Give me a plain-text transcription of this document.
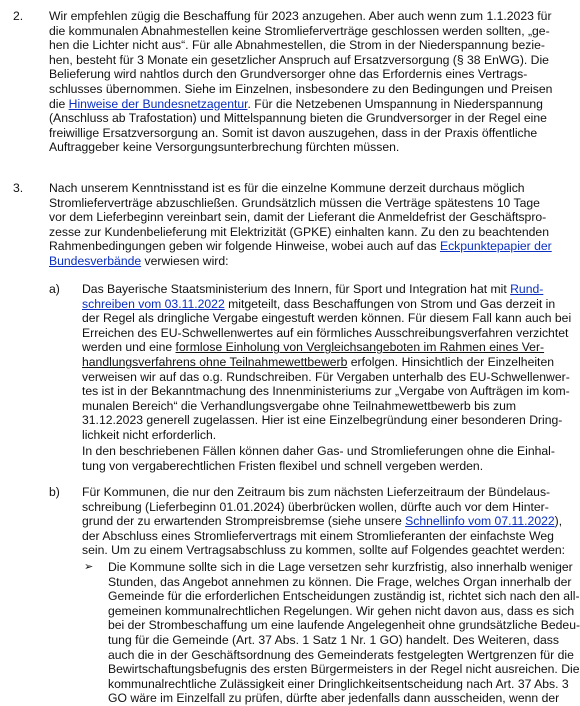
2. Wir empfehlen zügig die Beschaffung für 2023 anzugehen. Aber auch wenn zum 1.1.2023 für
die kommunalen Abnahmestellen keine Stromlieferverträge geschlossen werden sollten, „ge-
hen die Lichter nicht aus“. Für alle Abnahmestellen, die Strom in der Niederspannung bezie-
hen, besteht für 3 Monate ein gesetzlicher Anspruch auf Ersatzversorgung (§ 38 EnWG). Die
Belieferung wird nahtlos durch den Grundversorger ohne das Erfordernis eines Vertrags-
schlusses übernommen. Siehe im Einzelnen, insbesondere zu den Bedingungen und Preisen
die Hinweise der Bundesnetzagentur. Für die Netzebenen Umspannung in Niederspannung
(Anschluss ab Trafostation) und Mittelspannung bieten die Grundversorger in der Regel eine
freiwillige Ersatzversorgung an. Somit ist davon auszugehen, dass in der Praxis öffentliche
Auftraggeber keine Versorgungsunterbrechung fürchten müssen.
3. Nach unserem Kenntnisstand ist es für die einzelne Kommune derzeit durchaus möglich
Stromlieferverträge abzuschließen. Grundsätzlich müssen die Verträge spätestens 10 Tage
vor dem Lieferbeginn vereinbart sein, damit der Lieferant die Anmeldefrist der Geschäftspro-
zesse zur Kundenbelieferung mit Elektrizität (GPKE) einhalten kann. Zu den zu beachtenden
Rahmenbedingungen geben wir folgende Hinweise, wobei auch auf das Eckpunktepapier der
Bundesverbände verwiesen wird:
a) Das Bayerische Staatsministerium des Innern, für Sport und Integration hat mit Rund-
schreiben vom 03.11.2022 mitgeteilt, dass Beschaffungen von Strom und Gas derzeit in
der Regel als dringliche Vergabe eingestuft werden können. Für diesem Fall kann auch bei
Erreichen des EU-Schwellenwertes auf ein förmliches Ausschreibungsverfahren verzichtet
werden und eine formlose Einholung von Vergleichsangeboten im Rahmen eines Ver-
handlungsverfahrens ohne Teilnahmewettbewerb erfolgen. Hinsichtlich der Einzelheiten
verweisen wir auf das o.g. Rundschreiben. Für Vergaben unterhalb des EU-Schwellenwer-
tes ist in der Bekanntmachung des Innenministeriums zur „Vergabe von Aufträgen im kom-
munalen Bereich“ die Verhandlungsvergabe ohne Teilnahmewettbewerb bis zum
31.12.2023 generell zugelassen. Hier ist eine Einzelbegründung einer besonderen Dring-
lichkeit nicht erforderlich.
In den beschriebenen Fällen können daher Gas- und Stromlieferungen ohne die Einhal-
tung von vergaberechtlichen Fristen flexibel und schnell vergeben werden.
b) Für Kommunen, die nur den Zeitraum bis zum nächsten Lieferzeitraum der Bündelaus-
schreibung (Lieferbeginn 01.01.2024) überbrücken wollen, dürfte auch vor dem Hinter-
grund der zu erwartenden Strompreisbremse (siehe unsere Schnellinfo vom 07.11.2022),
der Abschluss eines Stromliefervertrags mit einem Stromlieferanten der einfachste Weg
sein. Um zu einem Vertragsabschluss zu kommen, sollte auf Folgendes geachtet werden:
➢ Die Kommune sollte sich in die Lage versetzen sehr kurzfristig, also innerhalb weniger
Stunden, das Angebot annehmen zu können. Die Frage, welches Organ innerhalb der
Gemeinde für die erforderlichen Entscheidungen zuständig ist, richtet sich nach den all-
gemeinen kommunalrechtlichen Regelungen. Wir gehen nicht davon aus, dass es sich
bei der Strombeschaffung um eine laufende Angelegenheit ohne grundsätzliche Bedeu-
tung für die Gemeinde (Art. 37 Abs. 1 Satz 1 Nr. 1 GO) handelt. Des Weiteren, dass
auch die in der Geschäftsordnung des Gemeinderats festgelegten Wertgrenzen für die
Bewirtschaftungsbefugnis des ersten Bürgermeisters in der Regel nicht ausreichen. Die
kommunalrechtliche Zulässigkeit einer Dringlichkeitsentscheidung nach Art. 37 Abs. 3
GO wäre im Einzelfall zu prüfen, dürfte aber jedenfalls dann ausscheiden, wenn der
